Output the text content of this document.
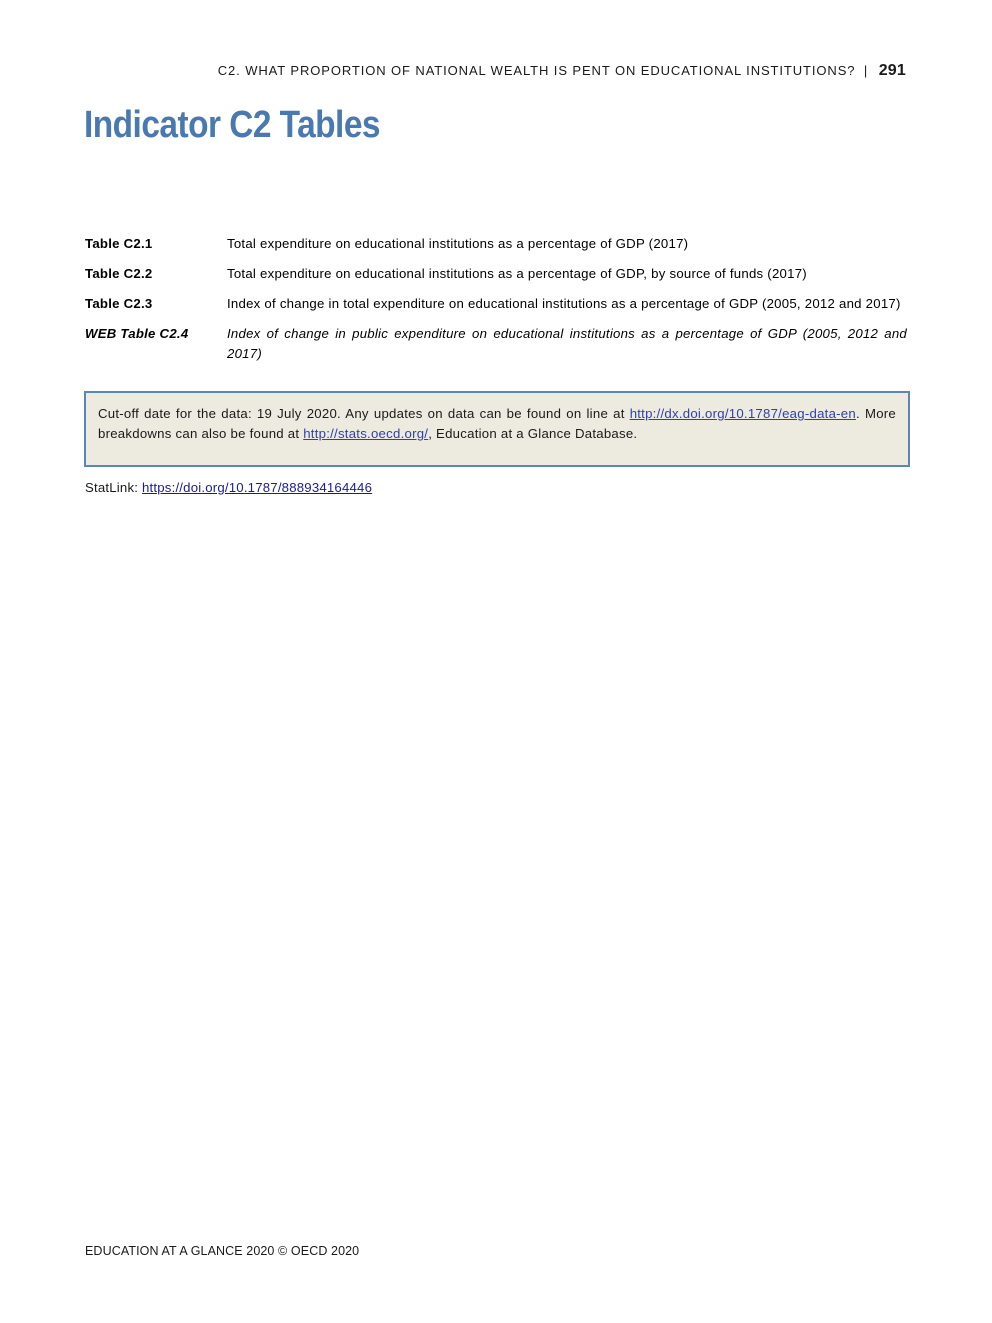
C2. WHAT PROPORTION OF NATIONAL WEALTH IS PENT ON EDUCATIONAL INSTITUTIONS? | 291
Indicator C2 Tables
Table C2.1	Total expenditure on educational institutions as a percentage of GDP (2017)
Table C2.2	Total expenditure on educational institutions as a percentage of GDP, by source of funds (2017)
Table C2.3	Index of change in total expenditure on educational institutions as a percentage of GDP (2005, 2012 and 2017)
WEB Table C2.4	Index of change in public expenditure on educational institutions as a percentage of GDP (2005, 2012 and 2017)
Cut-off date for the data: 19 July 2020. Any updates on data can be found on line at http://dx.doi.org/10.1787/eag-data-en. More breakdowns can also be found at http://stats.oecd.org/, Education at a Glance Database.
StatLink: https://doi.org/10.1787/888934164446
EDUCATION AT A GLANCE 2020 © OECD 2020
